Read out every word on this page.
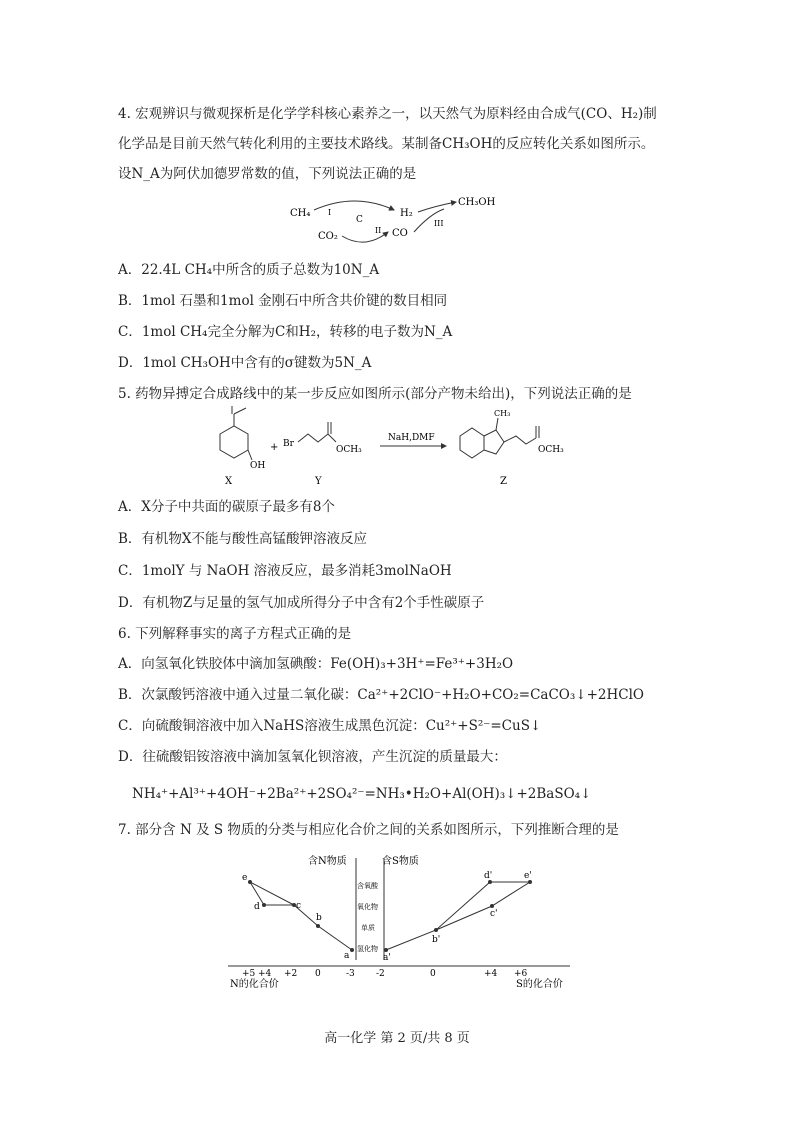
4. 宏观辨识与微观探析是化学学科核心素养之一，以天然气为原料经由合成气(CO、H₂)制
化学品是目前天然气转化利用的主要技术路线。某制备CH₃OH的反应转化关系如图所示。
设N_A为阿伏加德罗常数的值，下列说法正确的是
CH₄
CO₂
C
H₂
CO
CH₃OH
I
II
III
A．22.4L CH₄中所含的质子总数为10N_A
B．1mol 石墨和1mol 金刚石中所含共价键的数目相同
C．1mol CH₄完全分解为C和H₂，转移的电子数为N_A
D．1mol CH₃OH中含有的σ键数为5N_A
5. 药物异搏定合成路线中的某一步反应如图所示(部分产物未给出)，下列说法正确的是
OH
X
+ Br
OCH₃
Y
NaH,DMF
CH₃
OCH₃
Z
A．X分子中共面的碳原子最多有8个
B．有机物X不能与酸性高锰酸钾溶液反应
C．1molY 与 NaOH 溶液反应，最多消耗3molNaOH
D．有机物Z与足量的氢气加成所得分子中含有2个手性碳原子
6. 下列解释事实的离子方程式正确的是
A．向氢氧化铁胶体中滴加氢碘酸：Fe(OH)₃+3H⁺=Fe³⁺+3H₂O
B．次氯酸钙溶液中通入过量二氧化碳：Ca²⁺+2ClO⁻+H₂O+CO₂=CaCO₃↓+2HClO
C．向硫酸铜溶液中加入NaHS溶液生成黑色沉淀：Cu²⁺+S²⁻=CuS↓
D．往硫酸铝铵溶液中滴加氢氧化钡溶液，产生沉淀的质量最大：
NH₄⁺+Al³⁺+4OH⁻+2Ba²⁺+2SO₄²⁻=NH₃•H₂O+Al(OH)₃↓+2BaSO₄↓
7. 部分含 N 及 S 物质的分类与相应化合价之间的关系如图所示，下列推断合理的是
含N物质	含S物质
含氧酸
氧化物
单质
氢化物
+5 +4 +2 0	-3 -2	0	+4 +6
N的化合价	S的化合价
e
d	c
b
a	a'
b'
c'
d'	e'
高一化学 第 2 页/共 8 页
